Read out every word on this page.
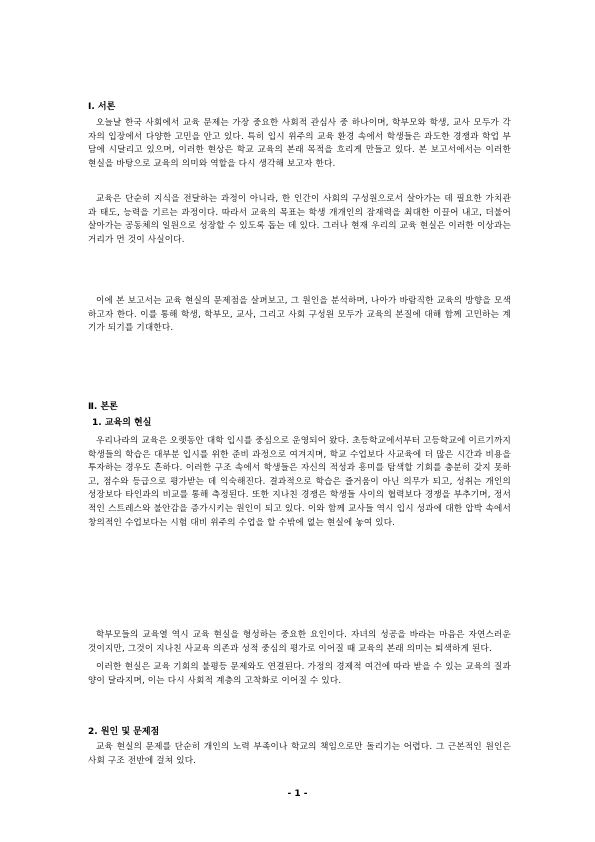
Ⅰ. 서론
오늘날 한국 사회에서 교육 문제는 가장 중요한 사회적 관심사 중 하나이며, 학부모와 학생, 교사 모두가 각자의 입장에서 다양한 고민을 안고 있다. 특히 입시 위주의 교육 환경 속에서 학생들은 과도한 경쟁과 학업 부담에 시달리고 있으며, 이러한 현상은 학교 교육의 본래 목적을 흐리게 만들고 있다. 본 보고서에서는 이러한 현실을 바탕으로 교육의 의미와 역할을 다시 생각해 보고자 한다.
교육은 단순히 지식을 전달하는 과정이 아니라, 한 인간이 사회의 구성원으로서 살아가는 데 필요한 가치관과 태도, 능력을 기르는 과정이다. 따라서 교육의 목표는 학생 개개인의 잠재력을 최대한 이끌어 내고, 더불어 살아가는 공동체의 일원으로 성장할 수 있도록 돕는 데 있다. 그러나 현재 우리의 교육 현실은 이러한 이상과는 거리가 먼 것이 사실이다.
이에 본 보고서는 교육 현실의 문제점을 살펴보고, 그 원인을 분석하며, 나아가 바람직한 교육의 방향을 모색하고자 한다. 이를 통해 학생, 학부모, 교사, 그리고 사회 구성원 모두가 교육의 본질에 대해 함께 고민하는 계기가 되기를 기대한다.
Ⅱ. 본론
1. 교육의 현실
우리나라의 교육은 오랫동안 대학 입시를 중심으로 운영되어 왔다. 초등학교에서부터 고등학교에 이르기까지 학생들의 학습은 대부분 입시를 위한 준비 과정으로 여겨지며, 학교 수업보다 사교육에 더 많은 시간과 비용을 투자하는 경우도 흔하다. 이러한 구조 속에서 학생들은 자신의 적성과 흥미를 탐색할 기회를 충분히 갖지 못하고, 점수와 등급으로 평가받는 데 익숙해진다. 결과적으로 학습은 즐거움이 아닌 의무가 되고, 성취는 개인의 성장보다 타인과의 비교를 통해 측정된다. 또한 지나친 경쟁은 학생들 사이의 협력보다 경쟁을 부추기며, 정서적인 스트레스와 불안감을 증가시키는 원인이 되고 있다. 이와 함께 교사들 역시 입시 성과에 대한 압박 속에서 창의적인 수업보다는 시험 대비 위주의 수업을 할 수밖에 없는 현실에 놓여 있다.
학부모들의 교육열 역시 교육 현실을 형성하는 중요한 요인이다. 자녀의 성공을 바라는 마음은 자연스러운 것이지만, 그것이 지나친 사교육 의존과 성적 중심의 평가로 이어질 때 교육의 본래 의미는 퇴색하게 된다.
이러한 현실은 교육 기회의 불평등 문제와도 연결된다. 가정의 경제적 여건에 따라 받을 수 있는 교육의 질과 양이 달라지며, 이는 다시 사회적 계층의 고착화로 이어질 수 있다.
2. 원인 및 문제점
교육 현실의 문제를 단순히 개인의 노력 부족이나 학교의 책임으로만 돌리기는 어렵다. 그 근본적인 원인은 사회 구조 전반에 걸쳐 있다.
- 1 -
